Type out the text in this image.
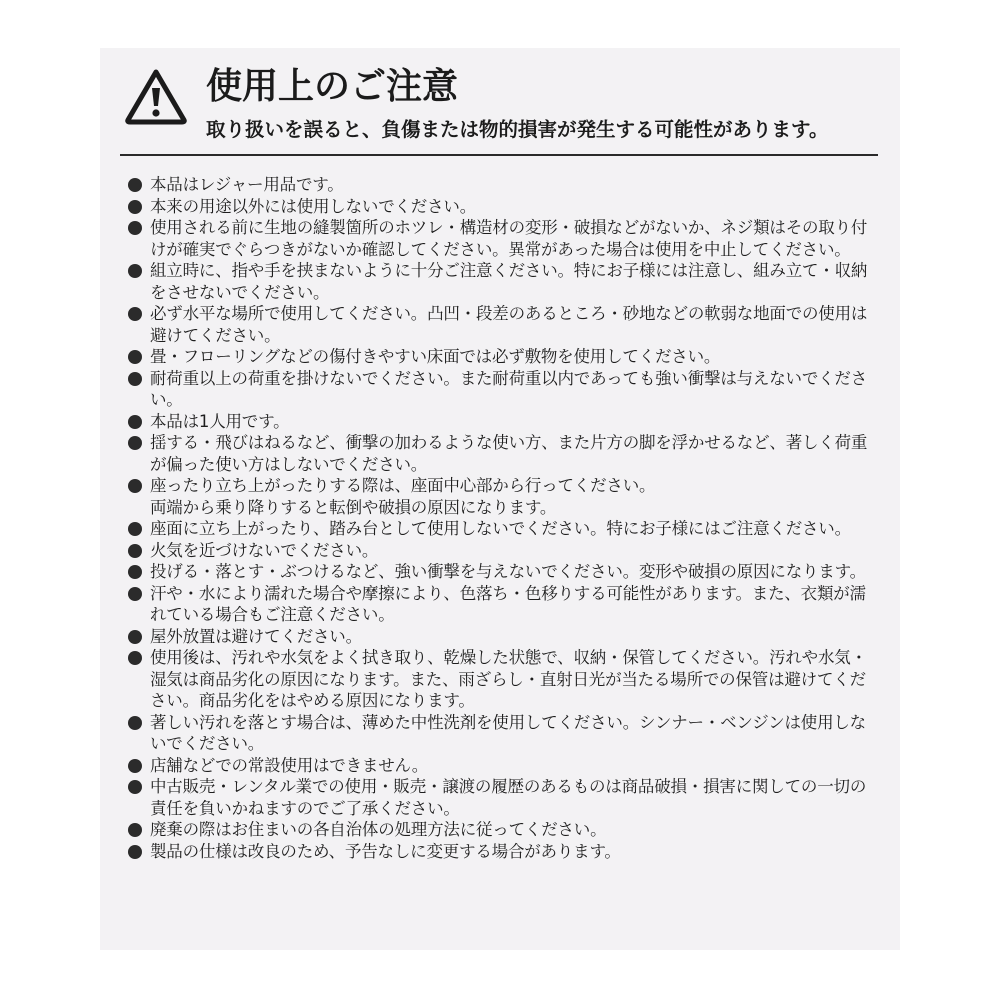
使用上のご注意
取り扱いを誤ると、負傷または物的損害が発生する可能性があります。
本品はレジャー用品です。
本来の用途以外には使用しないでください。
使用される前に生地の縫製箇所のホツレ・構造材の変形・破損などがないか、ネジ類はその取り付けが確実でぐらつきがないか確認してください。異常があった場合は使用を中止してください。
組立時に、指や手を挟まないように十分ご注意ください。特にお子様には注意し、組み立て・収納をさせないでください。
必ず水平な場所で使用してください。凸凹・段差のあるところ・砂地などの軟弱な地面での使用は避けてください。
畳・フローリングなどの傷付きやすい床面では必ず敷物を使用してください。
耐荷重以上の荷重を掛けないでください。また耐荷重以内であっても強い衝撃は与えないでください。
本品は1人用です。
揺する・飛びはねるなど、衝撃の加わるような使い方、また片方の脚を浮かせるなど、著しく荷重が偏った使い方はしないでください。
座ったり立ち上がったりする際は、座面中心部から行ってください。
両端から乗り降りすると転倒や破損の原因になります。
座面に立ち上がったり、踏み台として使用しないでください。特にお子様にはご注意ください。
火気を近づけないでください。
投げる・落とす・ぶつけるなど、強い衝撃を与えないでください。変形や破損の原因になります。
汗や・水により濡れた場合や摩擦により、色落ち・色移りする可能性があります。また、衣類が濡れている場合もご注意ください。
屋外放置は避けてください。
使用後は、汚れや水気をよく拭き取り、乾燥した状態で、収納・保管してください。汚れや水気・湿気は商品劣化の原因になります。また、雨ざらし・直射日光が当たる場所での保管は避けてください。商品劣化をはやめる原因になります。
著しい汚れを落とす場合は、薄めた中性洗剤を使用してください。シンナー・ベンジンは使用しないでください。
店舗などでの常設使用はできません。
中古販売・レンタル業での使用・販売・譲渡の履歴のあるものは商品破損・損害に関しての一切の責任を負いかねますのでご了承ください。
廃棄の際はお住まいの各自治体の処理方法に従ってください。
製品の仕様は改良のため、予告なしに変更する場合があります。
